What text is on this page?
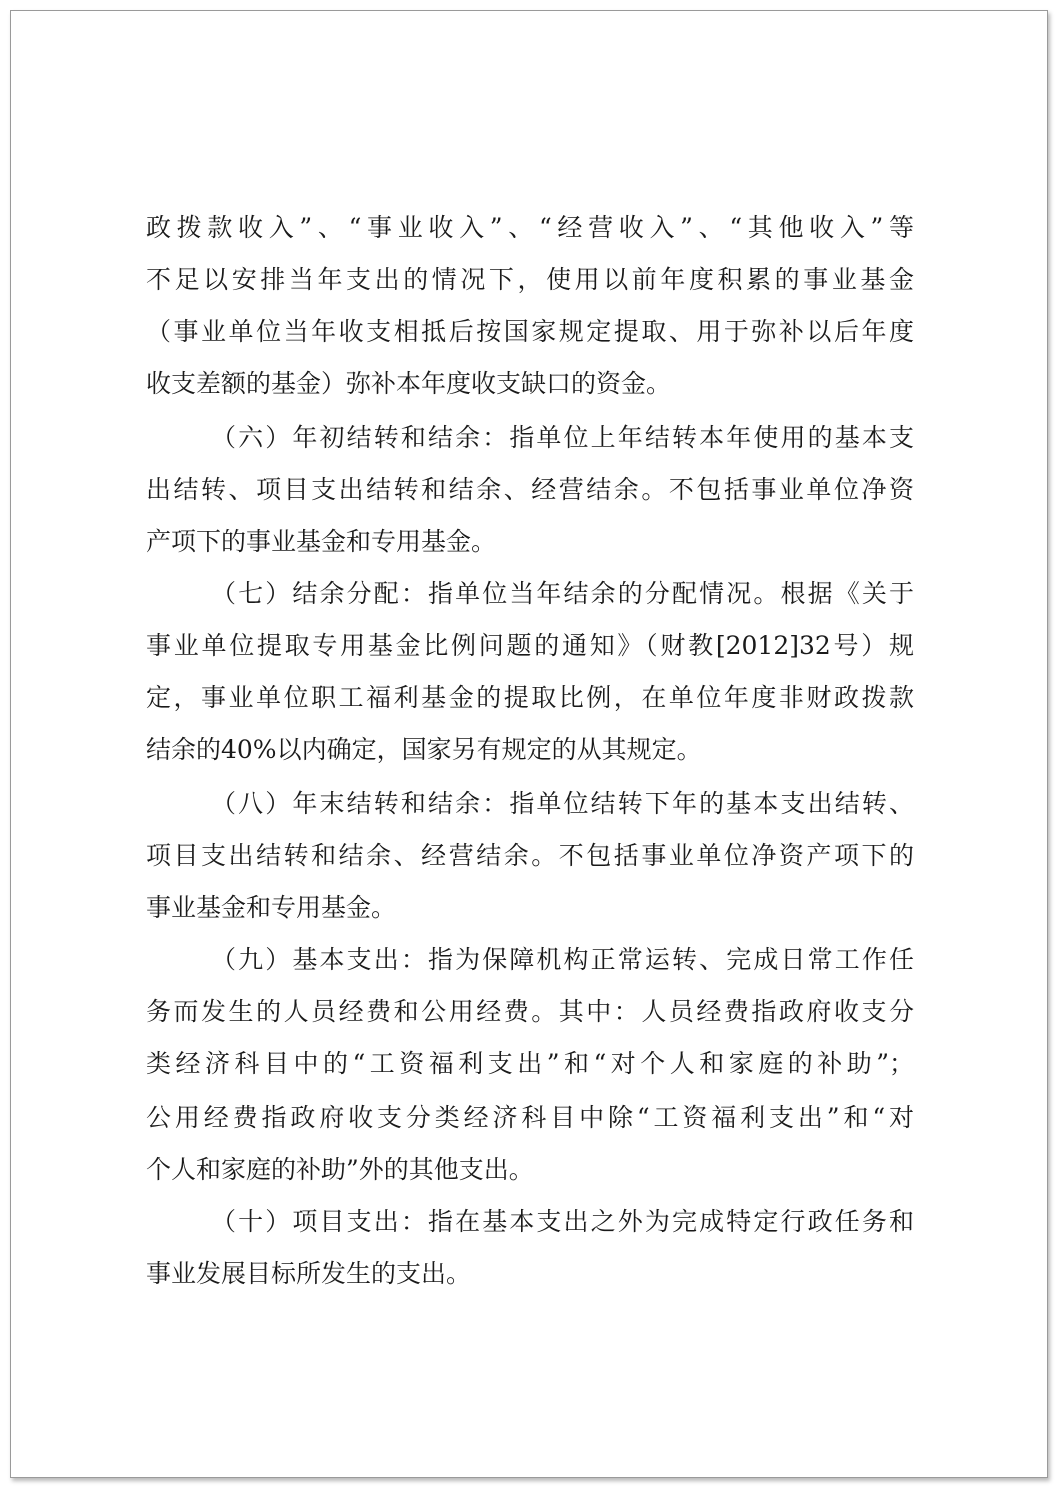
政拨款收入”、“事业收入”、“经营收入”、“其他收入”等
不足以安排当年支出的情况下，使用以前年度积累的事业基金
（事业单位当年收支相抵后按国家规定提取、用于弥补以后年度
收支差额的基金）弥补本年度收支缺口的资金。
（六）年初结转和结余：指单位上年结转本年使用的基本支
出结转、项目支出结转和结余、经营结余。不包括事业单位净资
产项下的事业基金和专用基金。
（七）结余分配：指单位当年结余的分配情况。根据《关于
事业单位提取专用基金比例问题的通知》（财教[2012]32号）规
定，事业单位职工福利基金的提取比例，在单位年度非财政拨款
结余的40%以内确定，国家另有规定的从其规定。
（八）年末结转和结余：指单位结转下年的基本支出结转、
项目支出结转和结余、经营结余。不包括事业单位净资产项下的
事业基金和专用基金。
（九）基本支出：指为保障机构正常运转、完成日常工作任
务而发生的人员经费和公用经费。其中：人员经费指政府收支分
类经济科目中的“工资福利支出”和“对个人和家庭的补助”；
公用经费指政府收支分类经济科目中除“工资福利支出”和“对
个人和家庭的补助”外的其他支出。
（十）项目支出：指在基本支出之外为完成特定行政任务和
事业发展目标所发生的支出。
